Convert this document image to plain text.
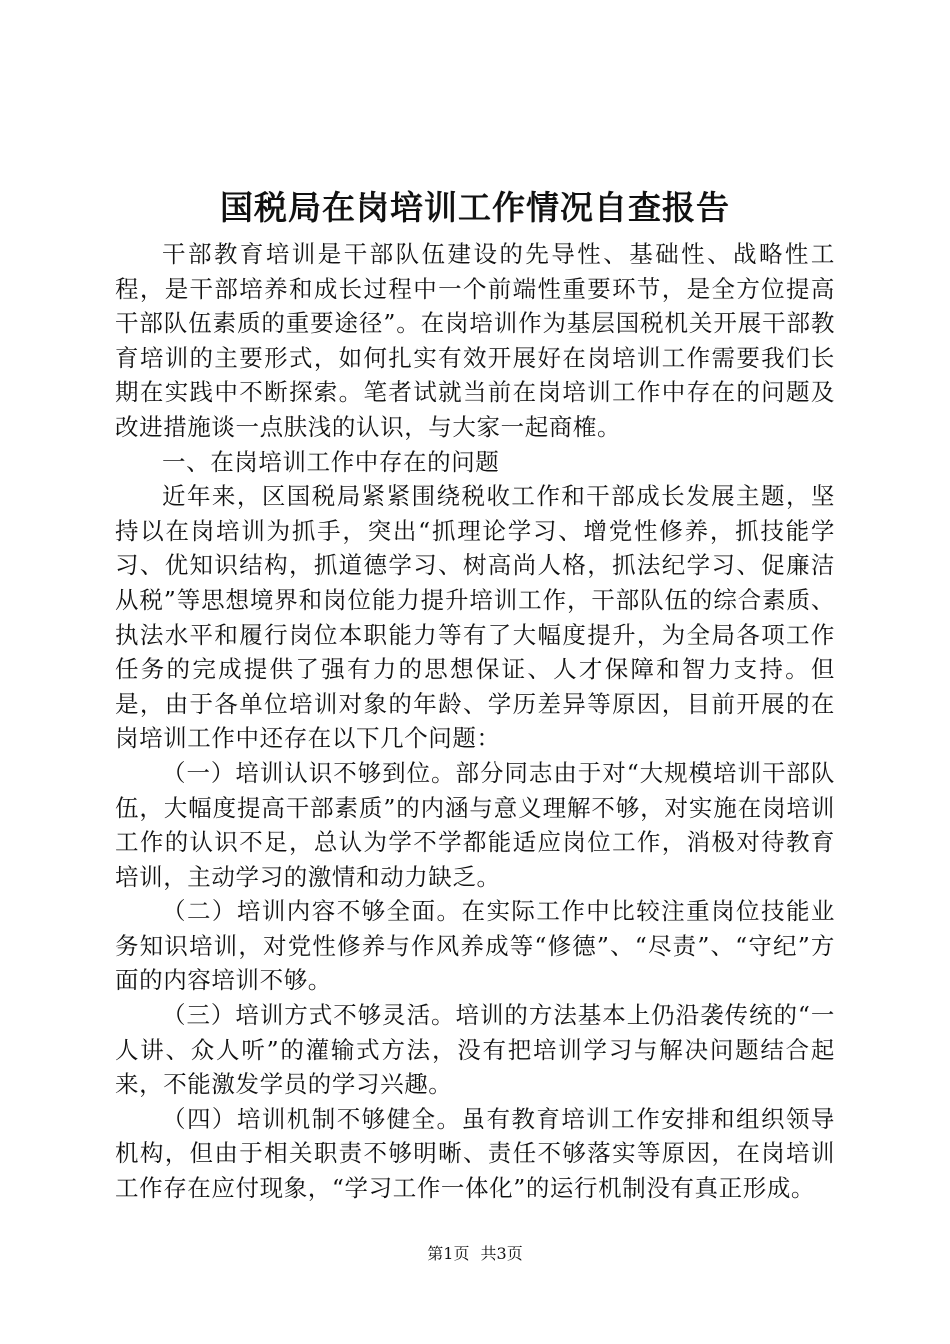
国税局在岗培训工作情况自查报告

干部教育培训是干部队伍建设的先导性、基础性、战略性工程，是干部培养和成长过程中一个前端性重要环节，是全方位提高干部队伍素质的重要途径”。在岗培训作为基层国税机关开展干部教育培训的主要形式，如何扎实有效开展好在岗培训工作需要我们长期在实践中不断探索。笔者试就当前在岗培训工作中存在的问题及改进措施谈一点肤浅的认识，与大家一起商榷。

一、在岗培训工作中存在的问题

近年来，区国税局紧紧围绕税收工作和干部成长发展主题，坚持以在岗培训为抓手，突出“抓理论学习、增党性修养，抓技能学习、优知识结构，抓道德学习、树高尚人格，抓法纪学习、促廉洁从税”等思想境界和岗位能力提升培训工作，干部队伍的综合素质、执法水平和履行岗位本职能力等有了大幅度提升，为全局各项工作任务的完成提供了强有力的思想保证、人才保障和智力支持。但是，由于各单位培训对象的年龄、学历差异等原因，目前开展的在岗培训工作中还存在以下几个问题：

（一）培训认识不够到位。部分同志由于对“大规模培训干部队伍，大幅度提高干部素质”的内涵与意义理解不够，对实施在岗培训工作的认识不足，总认为学不学都能适应岗位工作，消极对待教育培训，主动学习的激情和动力缺乏。

（二）培训内容不够全面。在实际工作中比较注重岗位技能业务知识培训，对党性修养与作风养成等“修德”、“尽责”、“守纪”方面的内容培训不够。

（三）培训方式不够灵活。培训的方法基本上仍沿袭传统的“一人讲、众人听”的灌输式方法，没有把培训学习与解决问题结合起来，不能激发学员的学习兴趣。

（四）培训机制不够健全。虽有教育培训工作安排和组织领导机构，但由于相关职责不够明晰、责任不够落实等原因，在岗培训工作存在应付现象，“学习工作一体化”的运行机制没有真正形成。

第1页 共3页
